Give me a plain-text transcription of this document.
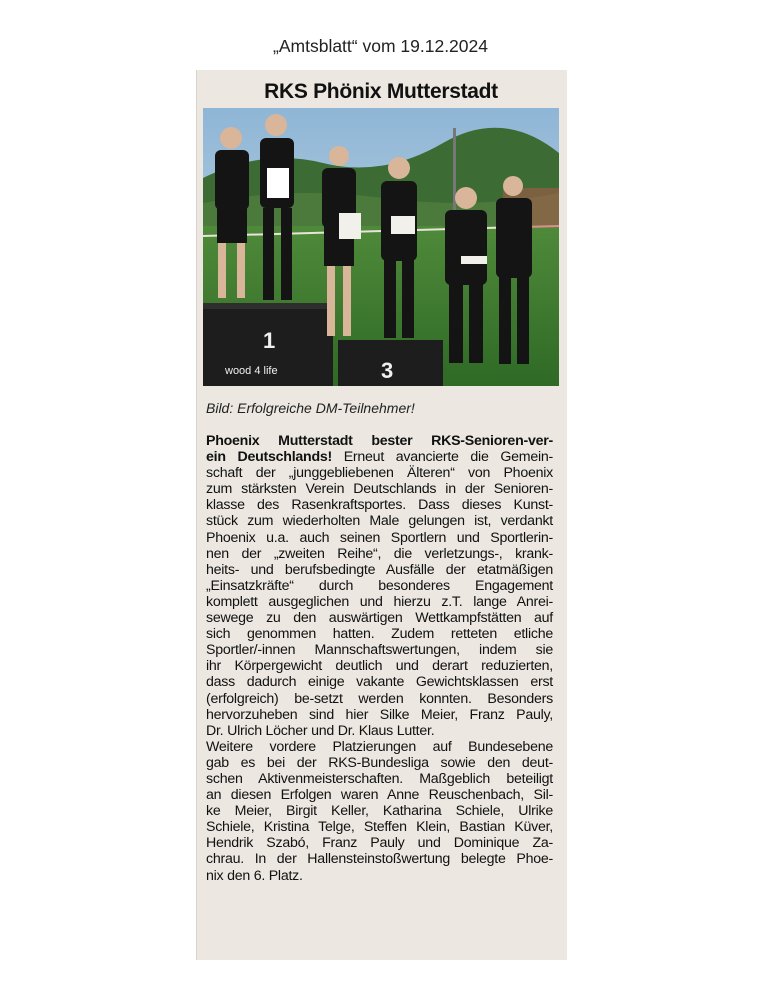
„Amtsblatt“ vom 19.12.2024
RKS Phönix Mutterstadt
1
wood 4 life	3
Bild: Erfolgreiche DM-Teilnehmer!
Phoenix Mutterstadt bester RKS-Senioren-ver-
ein Deutschlands! Erneut avancierte die Gemein-
schaft der „junggebliebenen Älteren“ von Phoenix
zum stärksten Verein Deutschlands in der Senioren-
klasse des Rasenkraftsportes. Dass dieses Kunst-
stück zum wiederholten Male gelungen ist, verdankt
Phoenix u.a. auch seinen Sportlern und Sportlerin-
nen der „zweiten Reihe“, die verletzungs-, krank-
heits- und berufsbedingte Ausfälle der etatmäßigen
„Einsatzkräfte“ durch besonderes Engagement
komplett ausgeglichen und hierzu z.T. lange Anrei-
sewege zu den auswärtigen Wettkampfstätten auf
sich genommen hatten. Zudem retteten etliche
Sportler/-innen Mannschaftswertungen, indem sie
ihr Körpergewicht deutlich und derart reduzierten,
dass dadurch einige vakante Gewichtsklassen erst
(erfolgreich) be-setzt werden konnten. Besonders
hervorzuheben sind hier Silke Meier, Franz Pauly,
Dr. Ulrich Löcher und Dr. Klaus Lutter.
Weitere vordere Platzierungen auf Bundesebene
gab es bei der RKS-Bundesliga sowie den deut-
schen Aktivenmeisterschaften. Maßgeblich beteiligt
an diesen Erfolgen waren Anne Reuschenbach, Sil-
ke Meier, Birgit Keller, Katharina Schiele, Ulrike
Schiele, Kristina Telge, Steffen Klein, Bastian Küver,
Hendrik Szabó, Franz Pauly und Dominique Za-
chrau. In der Hallensteinstoßwertung belegte Phoe-
nix den 6. Platz.
